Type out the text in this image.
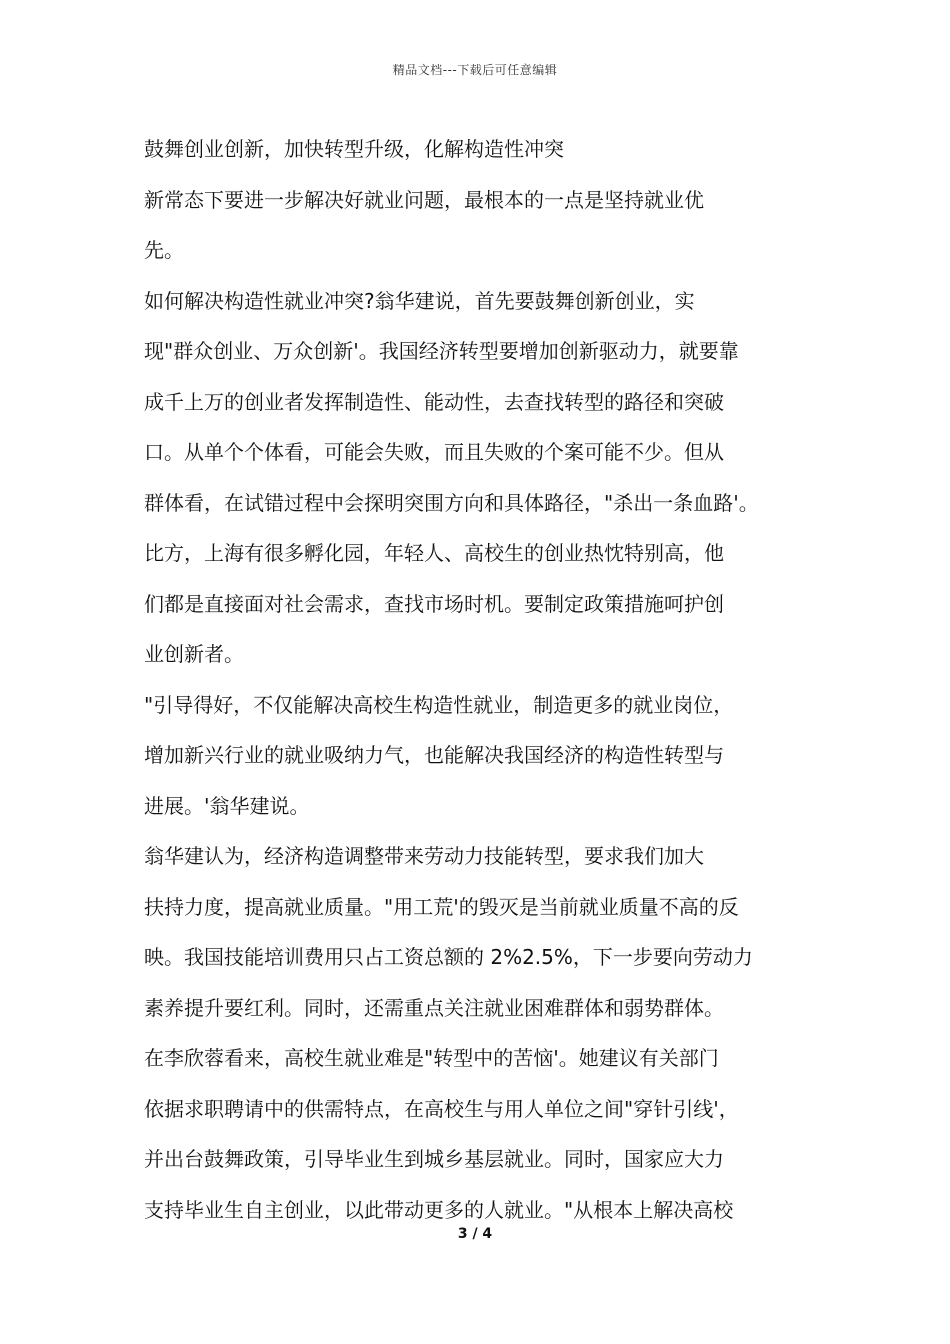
精品文档---下载后可任意编辑

鼓舞创业创新，加快转型升级，化解构造性冲突

新常态下要进一步解决好就业问题，最根本的一点是坚持就业优

先。

如何解决构造性就业冲突?翁华建说，首先要鼓舞创新创业，实

现"群众创业、万众创新'。我国经济转型要增加创新驱动力，就要靠

成千上万的创业者发挥制造性、能动性，去查找转型的路径和突破

口。从单个个体看，可能会失败，而且失败的个案可能不少。但从

群体看，在试错过程中会探明突围方向和具体路径，"杀出一条血路'。

比方，上海有很多孵化园，年轻人、高校生的创业热忱特别高，他

们都是直接面对社会需求，查找市场时机。要制定政策措施呵护创

业创新者。

"引导得好，不仅能解决高校生构造性就业，制造更多的就业岗位，

增加新兴行业的就业吸纳力气，也能解决我国经济的构造性转型与

进展。'翁华建说。

翁华建认为，经济构造调整带来劳动力技能转型，要求我们加大

扶持力度，提高就业质量。"用工荒'的毁灭是当前就业质量不高的反

映。我国技能培训费用只占工资总额的 2%2.5%，下一步要向劳动力

素养提升要红利。同时，还需重点关注就业困难群体和弱势群体。

在李欣蓉看来，高校生就业难是"转型中的苦恼'。她建议有关部门

依据求职聘请中的供需特点，在高校生与用人单位之间"穿针引线'，

并出台鼓舞政策，引导毕业生到城乡基层就业。同时，国家应大力

支持毕业生自主创业，以此带动更多的人就业。"从根本上解决高校

3 / 4
